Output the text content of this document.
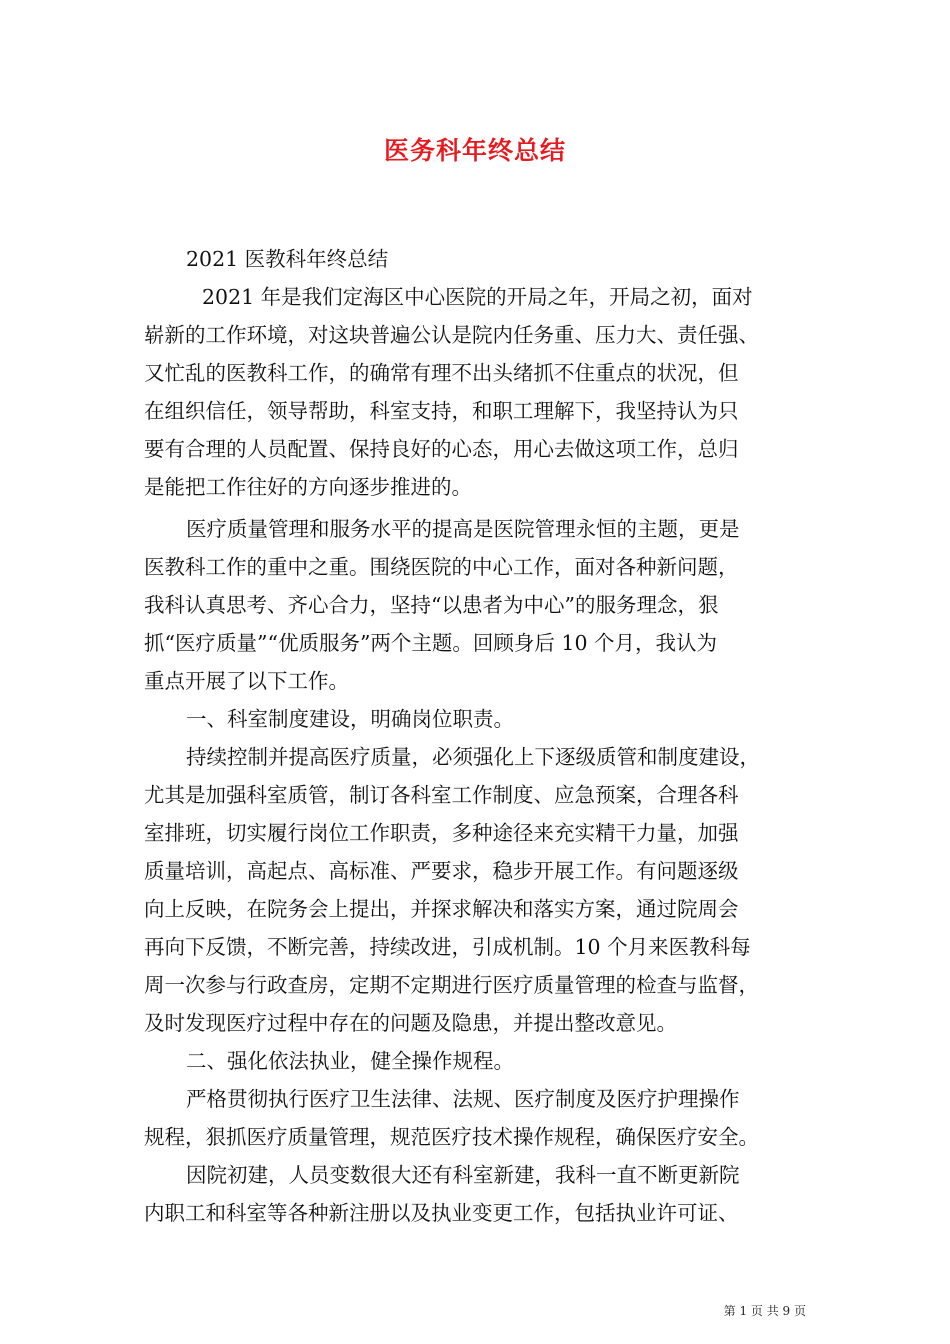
医务科年终总结
2021 医教科年终总结
2021 年是我们定海区中心医院的开局之年，开局之初，面对
崭新的工作环境，对这块普遍公认是院内任务重、压力大、责任强、
又忙乱的医教科工作，的确常有理不出头绪抓不住重点的状况，但
在组织信任，领导帮助，科室支持，和职工理解下，我坚持认为只
要有合理的人员配置、保持良好的心态，用心去做这项工作，总归
是能把工作往好的方向逐步推进的。
医疗质量管理和服务水平的提高是医院管理永恒的主题，更是
医教科工作的重中之重。围绕医院的中心工作，面对各种新问题，
我科认真思考、齐心合力，坚持“以患者为中心”的服务理念，狠
抓“医疗质量”“优质服务”两个主题。回顾身后 10 个月，我认为
重点开展了以下工作。
一、科室制度建设，明确岗位职责。
持续控制并提高医疗质量，必须强化上下逐级质管和制度建设，
尤其是加强科室质管，制订各科室工作制度、应急预案，合理各科
室排班，切实履行岗位工作职责，多种途径来充实精干力量，加强
质量培训，高起点、高标准、严要求，稳步开展工作。有问题逐级
向上反映，在院务会上提出，并探求解决和落实方案，通过院周会
再向下反馈，不断完善，持续改进，引成机制。10 个月来医教科每
周一次参与行政查房，定期不定期进行医疗质量管理的检查与监督，
及时发现医疗过程中存在的问题及隐患，并提出整改意见。
二、强化依法执业，健全操作规程。
严格贯彻执行医疗卫生法律、法规、医疗制度及医疗护理操作
规程，狠抓医疗质量管理，规范医疗技术操作规程，确保医疗安全。
因院初建，人员变数很大还有科室新建，我科一直不断更新院
内职工和科室等各种新注册以及执业变更工作，包括执业许可证、
第 1 页 共 9 页
